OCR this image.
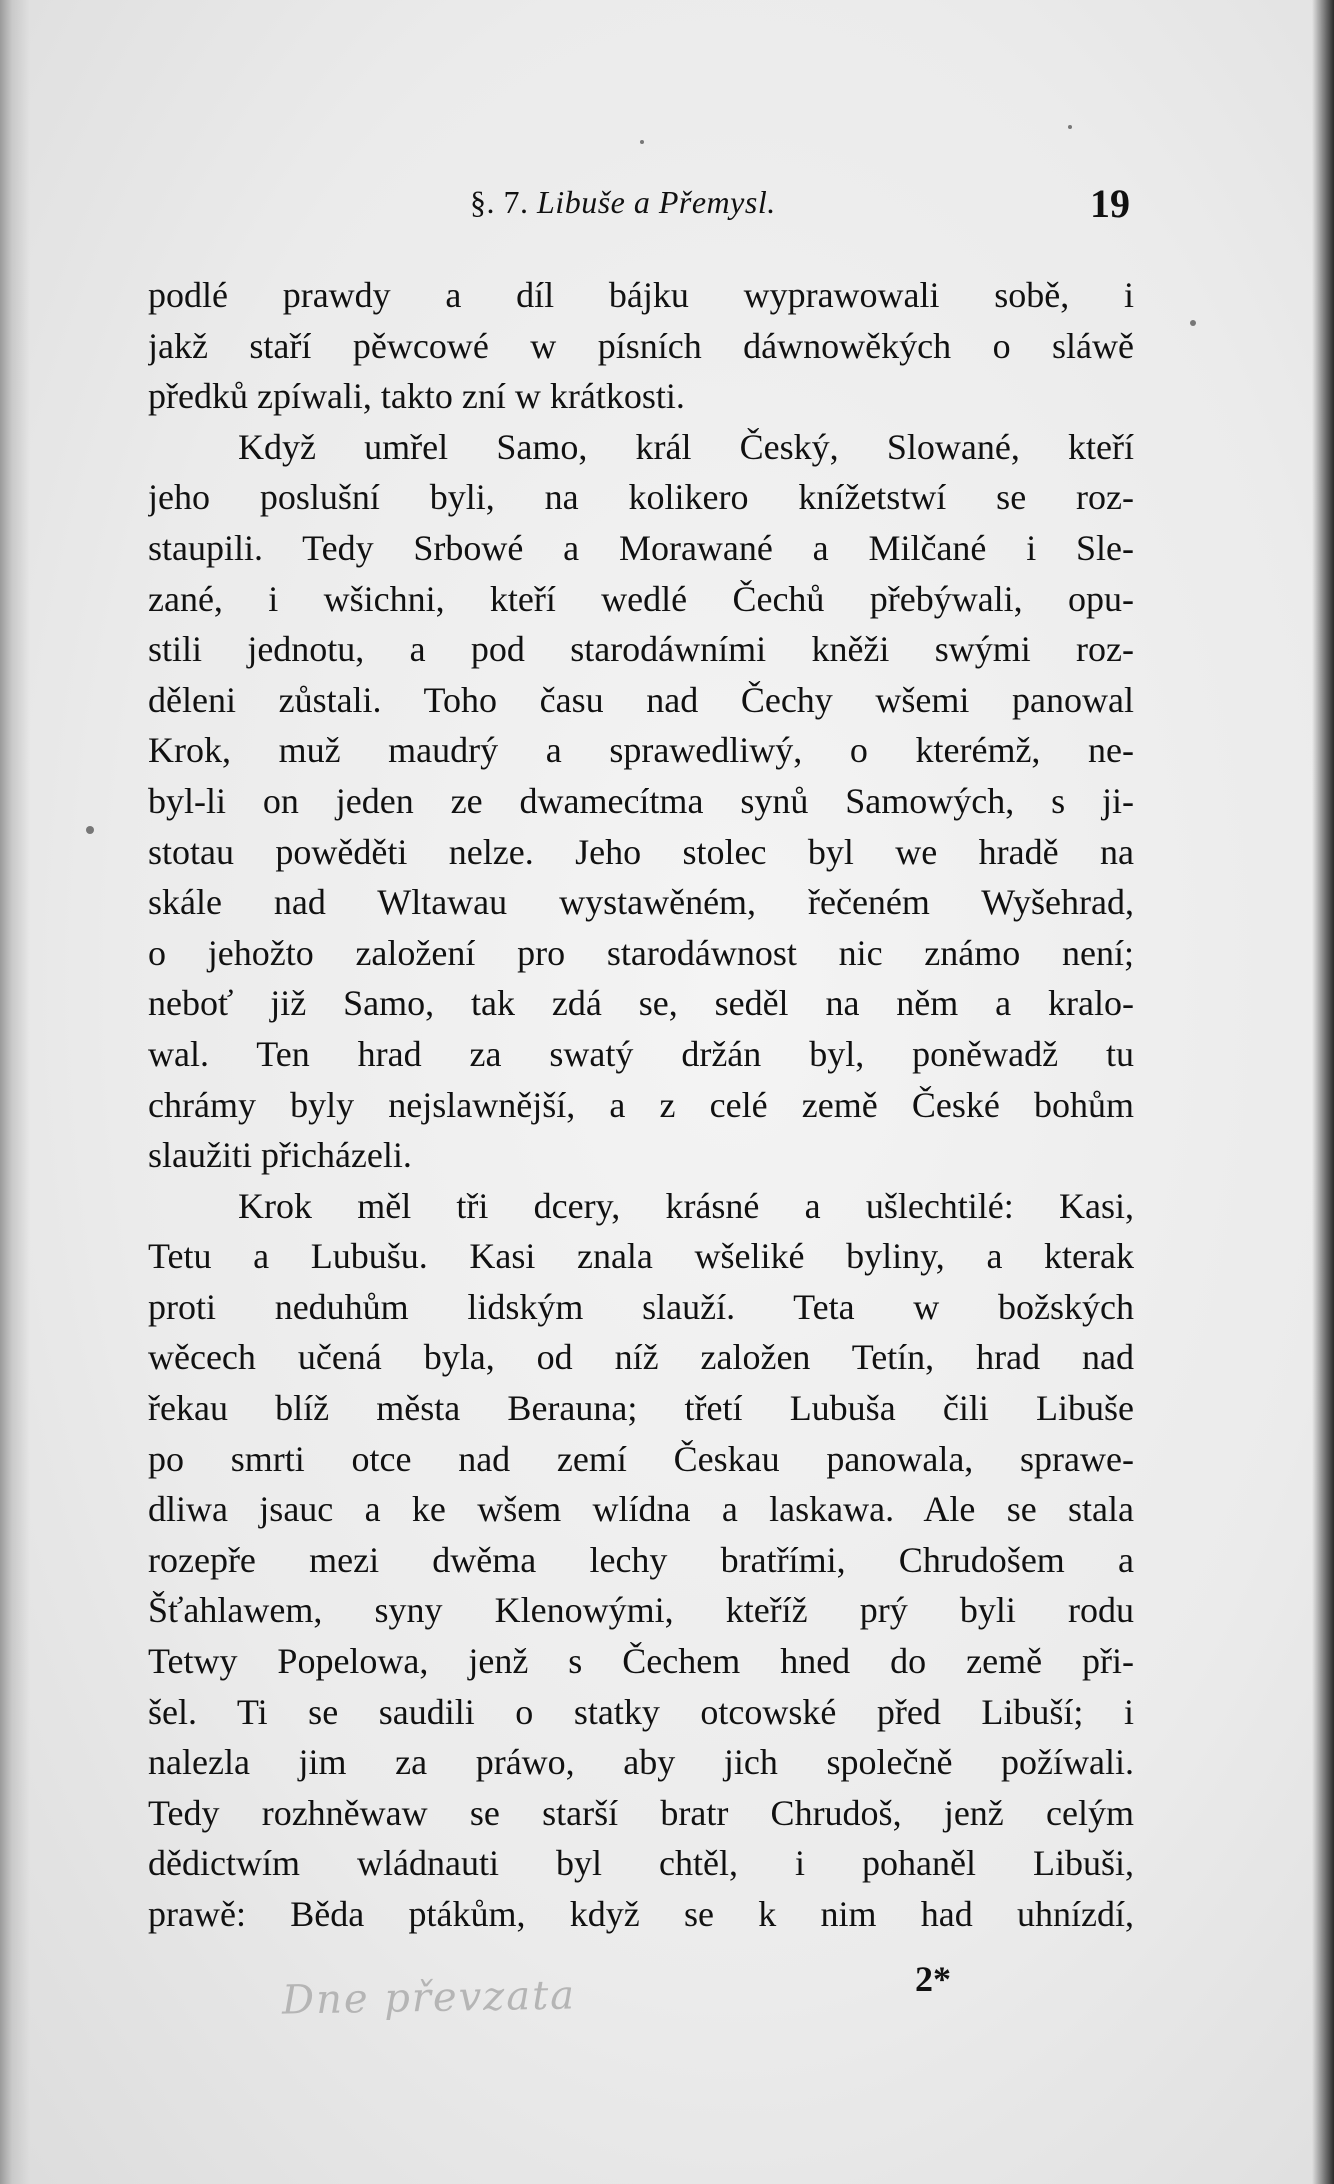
§. 7. Libuše a Přemysl.	19
podlé prawdy a díl bájku wyprawowali sobě, i
jakž staří pěwcowé w písních dáwnowěkých o sláwě
předků zpíwali, takto zní w krátkosti.
Když umřel Samo, král Český, Slowané, kteří
jeho poslušní byli, na kolikero knížetstwí se roz-
staupili. Tedy Srbowé a Morawané a Milčané i Sle-
zané, i wšichni, kteří wedlé Čechů přebýwali, opu-
stili jednotu, a pod starodáwními kněži swými roz-
děleni zůstali. Toho času nad Čechy wšemi panowal
Krok, muž maudrý a sprawedliwý, o kterémž, ne-
byl-li on jeden ze dwamecítma synů Samowých, s ji-
stotau powěděti nelze. Jeho stolec byl we hradě na
skále nad Wltawau wystawěném, řečeném Wyšehrad,
o jehožto založení pro starodáwnost nic známo není;
neboť již Samo, tak zdá se, seděl na něm a kralo-
wal. Ten hrad za swatý držán byl, poněwadž tu
chrámy byly nejslawnější, a z celé země České bohům
slaužiti přicházeli.
Krok měl tři dcery, krásné a ušlechtilé: Kasi,
Tetu a Lubušu. Kasi znala wšeliké byliny, a kterak
proti neduhům lidským slauží. Teta w božských
wěcech učená byla, od níž založen Tetín, hrad nad
řekau blíž města Berauna; třetí Lubuša čili Libuše
po smrti otce nad zemí Českau panowala, sprawe-
dliwa jsauc a ke wšem wlídna a laskawa. Ale se stala
rozepře mezi dwěma lechy bratřími, Chrudošem a
Šťahlawem, syny Klenowými, kteříž prý byli rodu
Tetwy Popelowa, jenž s Čechem hned do země při-
šel. Ti se saudili o statky otcowské před Libuší; i
nalezla jim za práwo, aby jich společně požíwali.
Tedy rozhněwaw se starší bratr Chrudoš, jenž celým
dědictwím wládnauti byl chtěl, i pohaněl Libuši,
prawě: Běda ptákům, když se k nim had uhnízdí,
Dne převzata	2*
